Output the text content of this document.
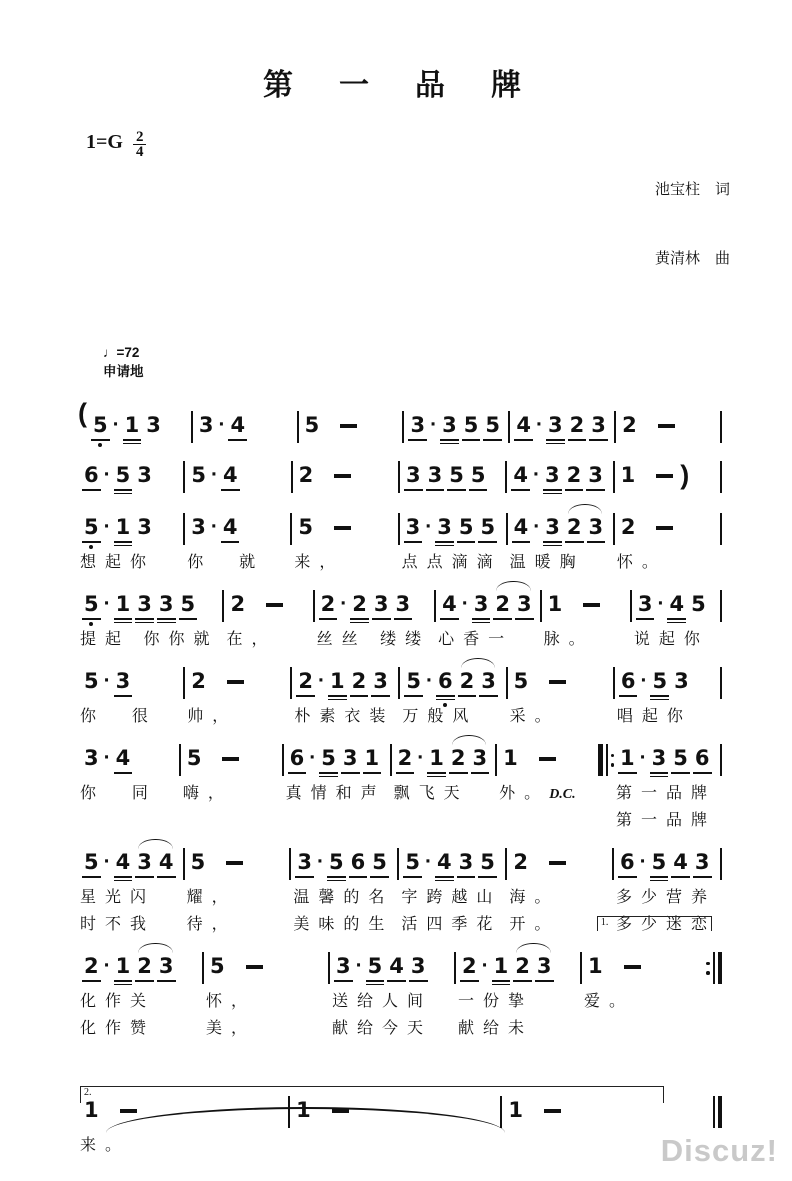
第　一　品　牌
$1=G \frac{2}{4}$

池宝柱　词

黄清林　曲

♩=72
申请地

( 5 · 1 3 3 · 4	5	3 · 3 5 5 4 · 3 2 3 2
6 · 5 3 5 · 4	2	3 3 5 5 4 · 3 2 3 1 )
5 · 1 3
想起你
3 · 4
你  就
5
来，
3 · 3 5 5
点点滴滴
4 · 3 2 3
温暖胸
2
怀。
5 · 1 3 3 5
提起 你你就
2
在，
2 · 2 3 3
丝丝 缕缕
4 · 3 2 3
心香一
1
脉。
3 · 4 5
说起你
5 · 3
你  很
2
帅，
2 · 1 2 3
朴素衣装
5 · 6 2 3
万般风
5
采。
6 · 5 3
唱起你
3 · 4
你  同
5
嗨，
6 · 5 3 1
真情和声
2 · 1 2 3
飘飞天
1
外。D.C.
1 · 3 5 6
第一品牌
第一品牌
5 · 4 3 4
星光闪
时不我
5
耀，
待，
3 · 5 6 5
温馨的名
美味的生
5 · 4 3 5
字跨越山
活四季花
2
海。
开。
6 · 5 4 3
多少营养
多少迷恋
2 · 1 2 3
化作关
化作赞
5
怀，
美，
3 · 5 4 3
送给人间
献给今天
2 · 1 2 3
一份挚
献给未
1.
1
爱。
2.
1
来。
1	1
Discuz!
